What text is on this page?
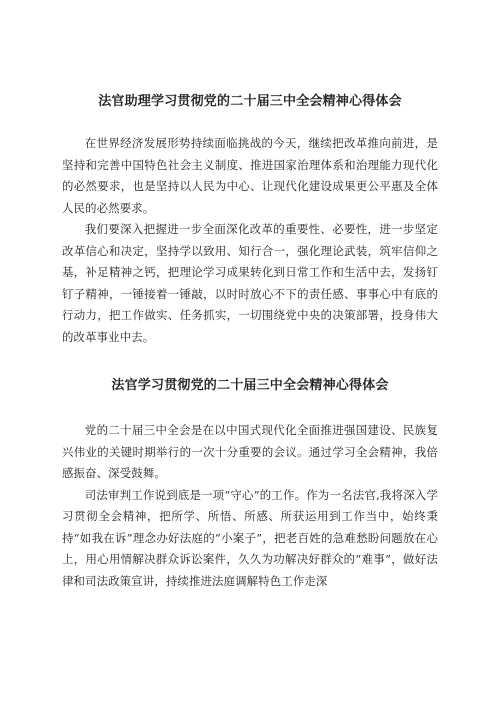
法官助理学习贯彻党的二十届三中全会精神心得体会

在世界经济发展形势持续面临挑战的今天，继续把改革推向前进，是坚持和完善中国特色社会主义制度、推进国家治理体系和治理能力现代化的必然要求，也是坚持以人民为中心、让现代化建设成果更公平惠及全体人民的必然要求。

我们要深入把握进一步全面深化改革的重要性、必要性，进一步坚定改革信心和决定，坚持学以致用、知行合一，强化理论武装，筑牢信仰之基，补足精神之钙，把理论学习成果转化到日常工作和生活中去，发扬钉钉子精神，一锤接着一锤敲，以时时放心不下的责任感、事事心中有底的行动力，把工作做实、任务抓实，一切围绕党中央的决策部署，投身伟大的改革事业中去。

法官学习贯彻党的二十届三中全会精神心得体会

党的二十届三中全会是在以中国式现代化全面推进强国建设、民族复兴伟业的关键时期举行的一次十分重要的会议。通过学习全会精神，我倍感振奋、深受鼓舞。

司法审判工作说到底是一项“守心”的工作。作为一名法官,我将深入学习贯彻全会精神，把所学、所悟、所感、所获运用到工作当中，始终秉持“如我在诉”理念办好法庭的“小案子”，把老百姓的急难愁盼问题放在心上，用心用情解决群众诉讼案件，久久为功解决好群众的“难事”，做好法律和司法政策宣讲，持续推进法庭调解特色工作走深
